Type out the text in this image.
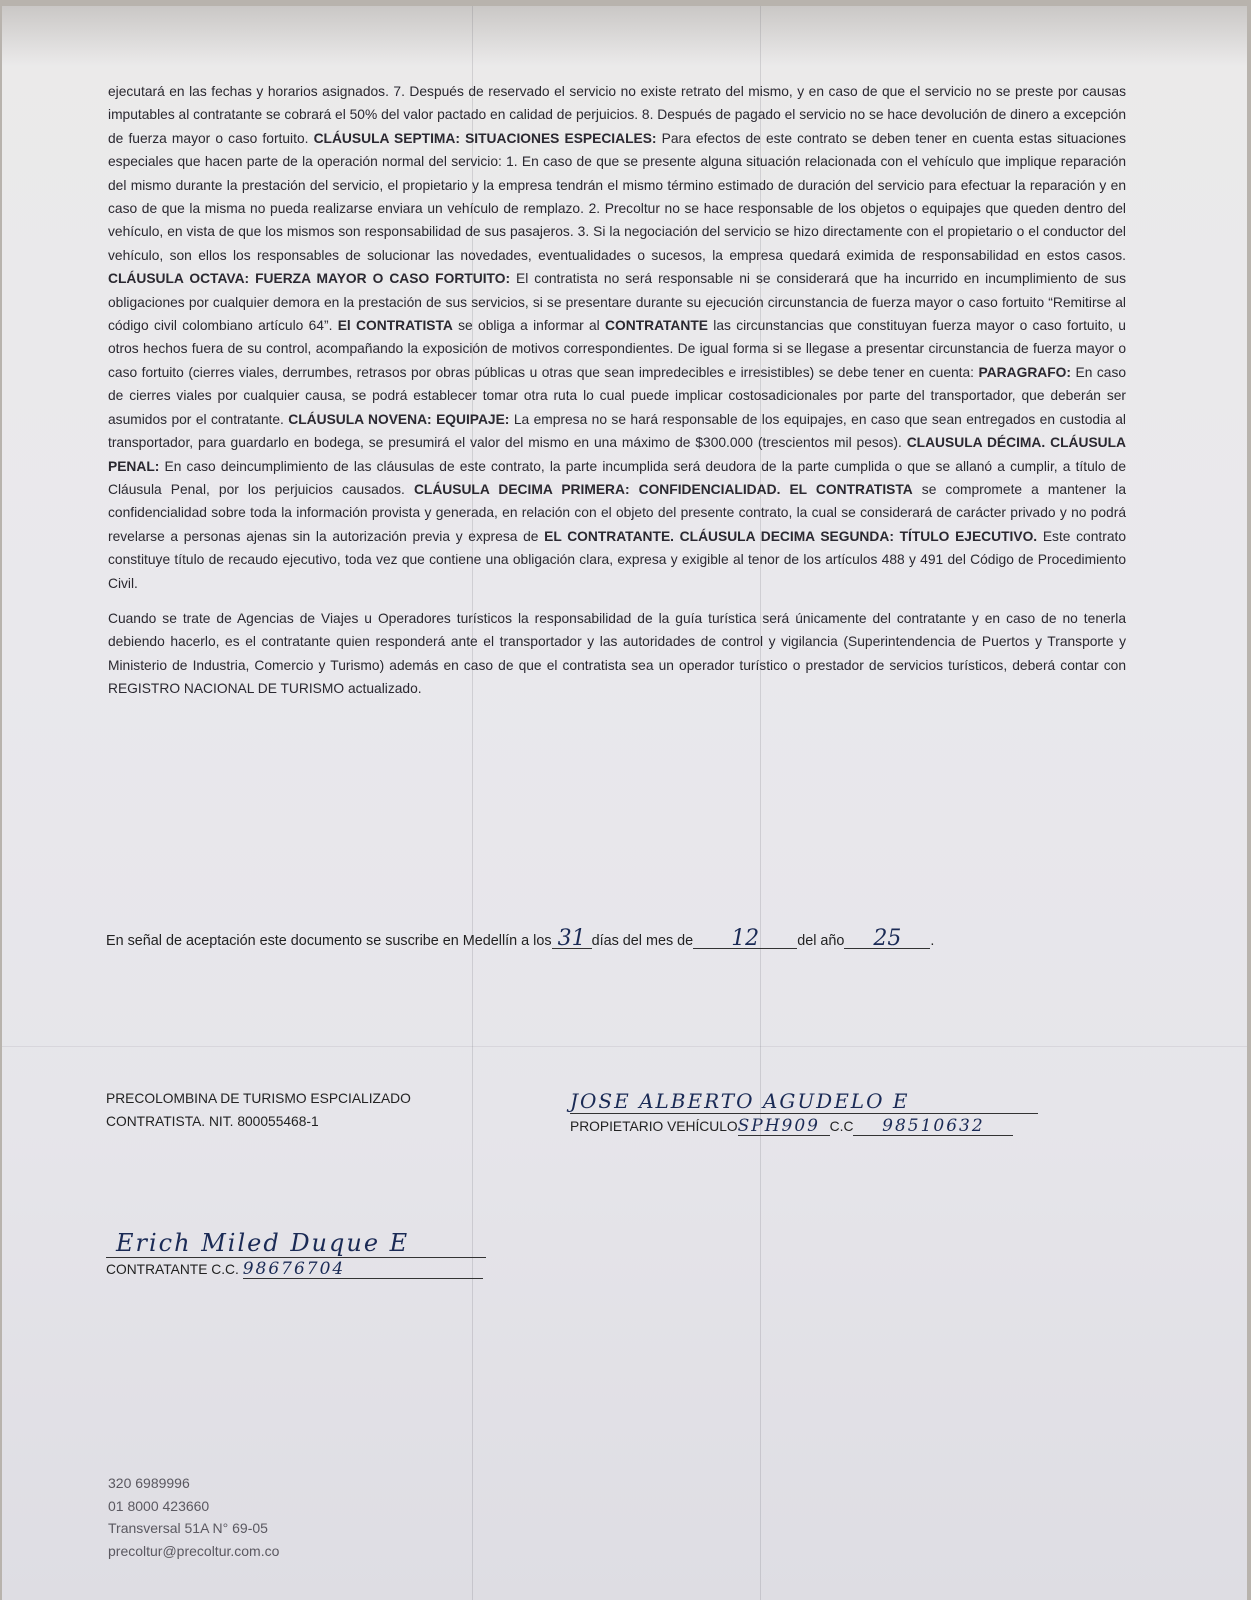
ejecutará en las fechas y horarios asignados. 7. Después de reservado el servicio no existe retrato del mismo, y en caso de que el servicio no se preste por causas imputables al contratante se cobrará el 50% del valor pactado en calidad de perjuicios. 8. Después de pagado el servicio no se hace devolución de dinero a excepción de fuerza mayor o caso fortuito. CLÁUSULA SEPTIMA: SITUACIONES ESPECIALES: Para efectos de este contrato se deben tener en cuenta estas situaciones especiales que hacen parte de la operación normal del servicio: 1. En caso de que se presente alguna situación relacionada con el vehículo que implique reparación del mismo durante la prestación del servicio, el propietario y la empresa tendrán el mismo término estimado de duración del servicio para efectuar la reparación y en caso de que la misma no pueda realizarse enviara un vehículo de remplazo. 2. Precoltur no se hace responsable de los objetos o equipajes que queden dentro del vehículo, en vista de que los mismos son responsabilidad de sus pasajeros. 3. Si la negociación del servicio se hizo directamente con el propietario o el conductor del vehículo, son ellos los responsables de solucionar las novedades, eventualidades o sucesos, la empresa quedará eximida de responsabilidad en estos casos. CLÁUSULA OCTAVA: FUERZA MAYOR O CASO FORTUITO: El contratista no será responsable ni se considerará que ha incurrido en incumplimiento de sus obligaciones por cualquier demora en la prestación de sus servicios, si se presentare durante su ejecución circunstancia de fuerza mayor o caso fortuito “Remitirse al código civil colombiano artículo 64”. El CONTRATISTA se obliga a informar al CONTRATANTE las circunstancias que constituyan fuerza mayor o caso fortuito, u otros hechos fuera de su control, acompañando la exposición de motivos correspondientes. De igual forma si se llegase a presentar circunstancia de fuerza mayor o caso fortuito (cierres viales, derrumbes, retrasos por obras públicas u otras que sean impredecibles e irresistibles) se debe tener en cuenta: PARAGRAFO: En caso de cierres viales por cualquier causa, se podrá establecer tomar otra ruta lo cual puede implicar costosadicionales por parte del transportador, que deberán ser asumidos por el contratante. CLÁUSULA NOVENA: EQUIPAJE: La empresa no se hará responsable de los equipajes, en caso que sean entregados en custodia al transportador, para guardarlo en bodega, se presumirá el valor del mismo en una máximo de $300.000 (trescientos mil pesos). CLAUSULA DÉCIMA. CLÁUSULA PENAL: En caso deincumplimiento de las cláusulas de este contrato, la parte incumplida será deudora de la parte cumplida o que se allanó a cumplir, a título de Cláusula Penal, por los perjuicios causados. CLÁUSULA DECIMA PRIMERA: CONFIDENCIALIDAD. EL CONTRATISTA se compromete a mantener la confidencialidad sobre toda la información provista y generada, en relación con el objeto del presente contrato, la cual se considerará de carácter privado y no podrá revelarse a personas ajenas sin la autorización previa y expresa de EL CONTRATANTE. CLÁUSULA DECIMA SEGUNDA: TÍTULO EJECUTIVO. Este contrato constituye título de recaudo ejecutivo, toda vez que contiene una obligación clara, expresa y exigible al tenor de los artículos 488 y 491 del Código de Procedimiento Civil.

Cuando se trate de Agencias de Viajes u Operadores turísticos la responsabilidad de la guía turística será únicamente del contratante y en caso de no tenerla debiendo hacerlo, es el contratante quien responderá ante el transportador y las autoridades de control y vigilancia (Superintendencia de Puertos y Transporte y Ministerio de Industria, Comercio y Turismo) además en caso de que el contratista sea un operador turístico o prestador de servicios turísticos, deberá contar con REGISTRO NACIONAL DE TURISMO actualizado.

En señal de aceptación este documento se suscribe en Medellín a los 31 días del mes de 12	del año 25 .
PRECOLOMBINA DE TURISMO ESPCIALIZADO
CONTRATISTA. NIT. 800055468-1
JOSE ALBERTO AGUDELO E
PROPIETARIO VEHÍCULOSPH909 C.C 98510632
Erich Miled Duque E
CONTRATANTE C.C. 98676704
320 6989996
01 8000 423660
Transversal 51A N° 69-05
precoltur@precoltur.com.co
